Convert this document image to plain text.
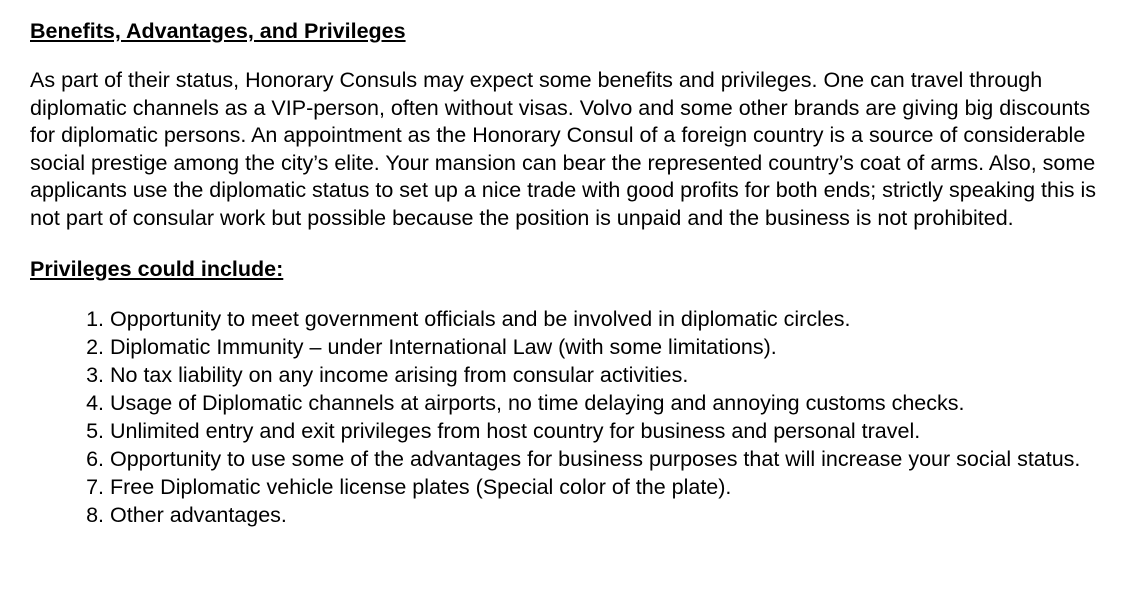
Benefits, Advantages, and Privileges

As part of their status, Honorary Consuls may expect some benefits and privileges. One can travel through diplomatic channels as a VIP-person, often without visas. Volvo and some other brands are giving big discounts for diplomatic persons. An appointment as the Honorary Consul of a foreign country is a source of considerable social prestige among the city’s elite. Your mansion can bear the represented country’s coat of arms. Also, some applicants use the diplomatic status to set up a nice trade with good profits for both ends; strictly speaking this is not part of consular work but possible because the position is unpaid and the business is not prohibited.

Privileges could include:
1. Opportunity to meet government officials and be involved in diplomatic circles.
2. Diplomatic Immunity – under International Law (with some limitations).
3. No tax liability on any income arising from consular activities.
4. Usage of Diplomatic channels at airports, no time delaying and annoying customs checks.
5. Unlimited entry and exit privileges from host country for business and personal travel.
6. Opportunity to use some of the advantages for business purposes that will increase your social status.
7. Free Diplomatic vehicle license plates (Special color of the plate).
8. Other advantages.
